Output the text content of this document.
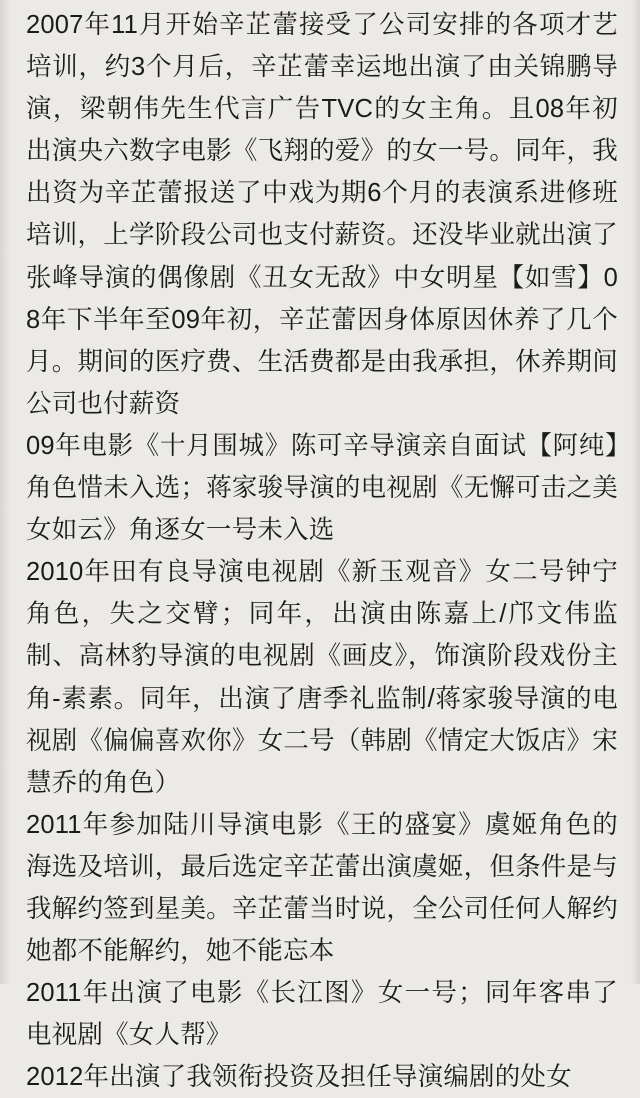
2007年11月开始辛芷蕾接受了公司安排的各项才艺培训，约3个月后，辛芷蕾幸运地出演了由关锦鹏导演，梁朝伟先生代言广告TVC的女主角。且08年初出演央六数字电影《飞翔的爱》的女一号。同年，我出资为辛芷蕾报送了中戏为期6个月的表演系进修班培训，上学阶段公司也支付薪资。还没毕业就出演了张峰导演的偶像剧《丑女无敌》中女明星【如雪】08年下半年至09年初，辛芷蕾因身体原因休养了几个月。期间的医疗费、生活费都是由我承担，休养期间公司也付薪资

09年电影《十月围城》陈可辛导演亲自面试【阿纯】角色惜未入选；蒋家骏导演的电视剧《无懈可击之美女如云》角逐女一号未入选

2010年田有良导演电视剧《新玉观音》女二号钟宁角色，失之交臂；同年，出演由陈嘉上/邝文伟监制、高林豹导演的电视剧《画皮》，饰演阶段戏份主角-素素。同年，出演了唐季礼监制/蒋家骏导演的电视剧《偏偏喜欢你》女二号（韩剧《情定大饭店》宋慧乔的角色）

2011年参加陆川导演电影《王的盛宴》虞姬角色的海选及培训，最后选定辛芷蕾出演虞姬，但条件是与我解约签到星美。辛芷蕾当时说，全公司任何人解约她都不能解约，她不能忘本

2011年出演了电影《长江图》女一号；同年客串了电视剧《女人帮》

2012年出演了我领衔投资及担任导演编剧的处女
